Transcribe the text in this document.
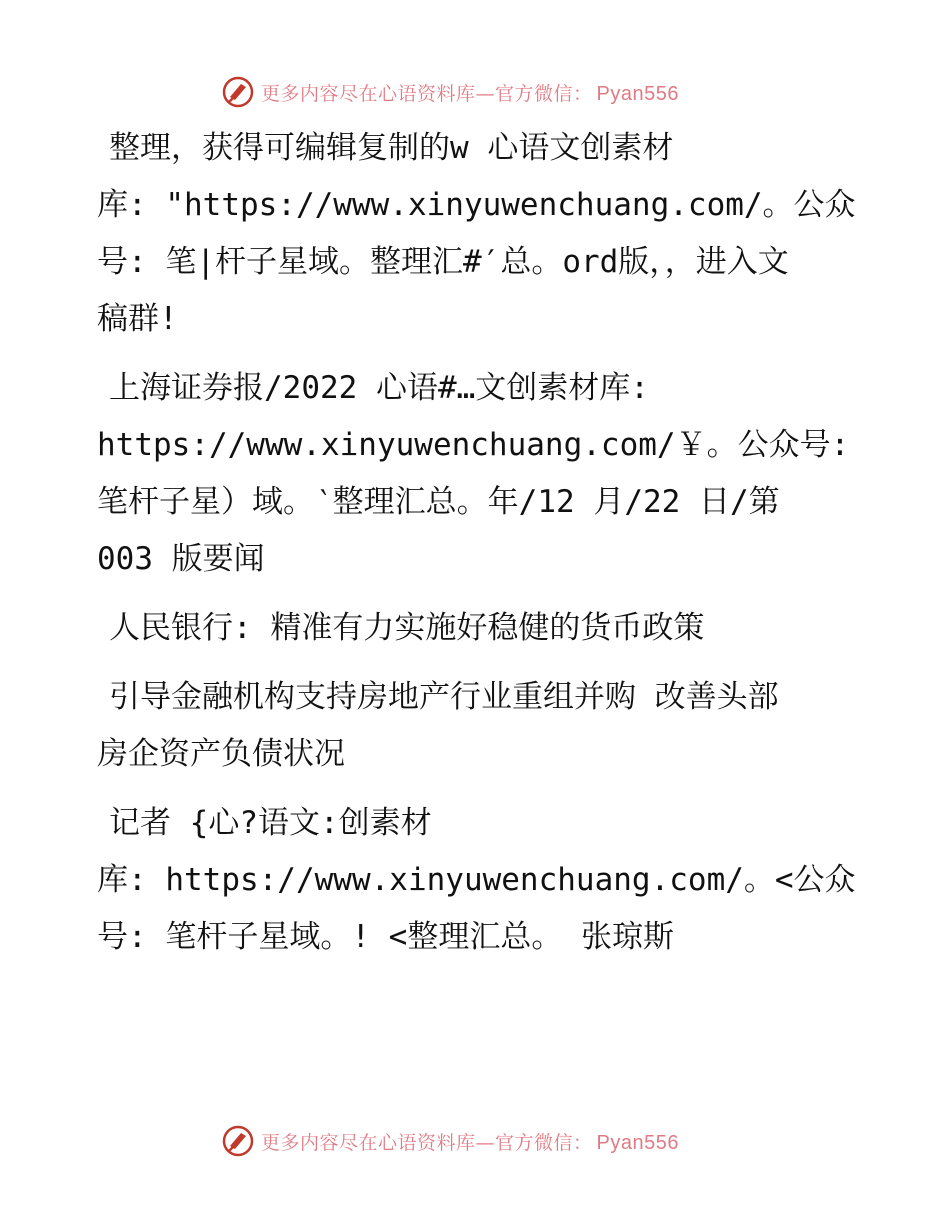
更多内容尽在心语资料库—官方微信： Pyan556

整理，获得可编辑复制的w 心语文创素材
库: "https://www.xinyuwenchuang.com/。公众
号: 笔|杆子星域。整理汇#′总。ord版，，进入文
稿群!

上海证券报/2022 心语#…文创素材库:
https://www.xinyuwenchuang.com/￥。公众号:
笔杆子星）域。‵整理汇总。年/12 月/22 日/第
003 版要闻

人民银行: 精准有力实施好稳健的货币政策

引导金融机构支持房地产行业重组并购 改善头部
房企资产负债状况

记者 {心?语文:创素材
库: https://www.xinyuwenchuang.com/。<公众
号: 笔杆子星域。! <整理汇总。 张琼斯

更多内容尽在心语资料库—官方微信： Pyan556
